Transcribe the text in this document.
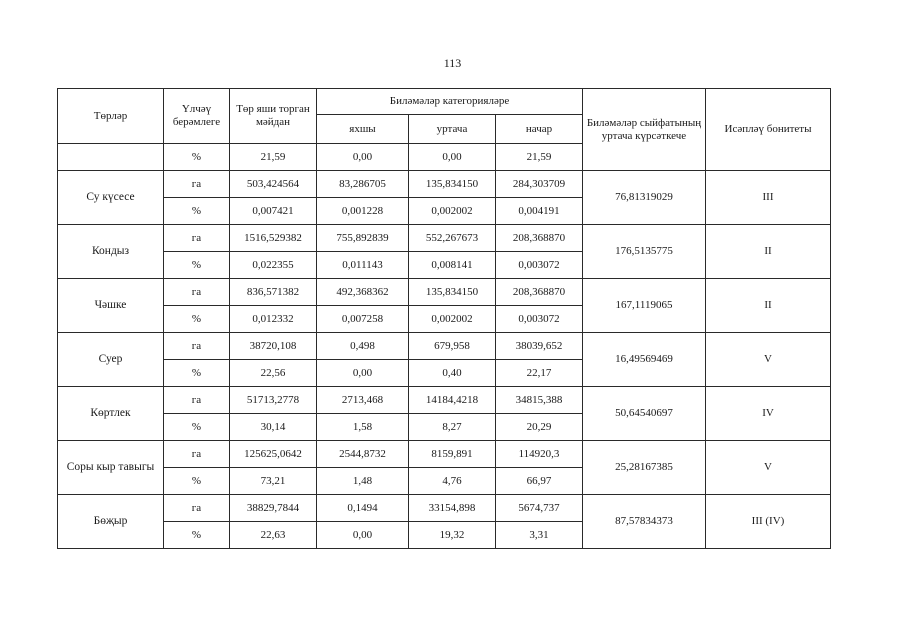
113
Төрләр	Үлчәү берәмлеге	Төр яши торган мәйдан	Биләмәләр категорияләре			Биләмәләр сыйфатының уртача күрсәткече	Исәпләү бонитеты
			яхшы	уртача	начар		
	%	21,59	0,00	0,00	21,59		
Су күсесе	га	503,424564	83,286705	135,834150	284,303709	76,81319029	III
	%	0,007421	0,001228	0,002002	0,004191		
Кондыз	га	1516,529382	755,892839	552,267673	208,368870	176,5135775	II
	%	0,022355	0,011143	0,008141	0,003072		
Чәшке	га	836,571382	492,368362	135,834150	208,368870	167,1119065	II
	%	0,012332	0,007258	0,002002	0,003072		
Суер	га	38720,108	0,498	679,958	38039,652	16,49569469	V
	%	22,56	0,00	0,40	22,17		
Көртлек	га	51713,2778	2713,468	14184,4218	34815,388	50,64540697	IV
	%	30,14	1,58	8,27	20,29		
Соры кыр тавыгы	га	125625,0642	2544,8732	8159,891	114920,3	25,28167385	V
	%	73,21	1,48	4,76	66,97		
Бөҗыр	га	38829,7844	0,1494	33154,898	5674,737	87,57834373	III (IV)
	%	22,63	0,00	19,32	3,31		
